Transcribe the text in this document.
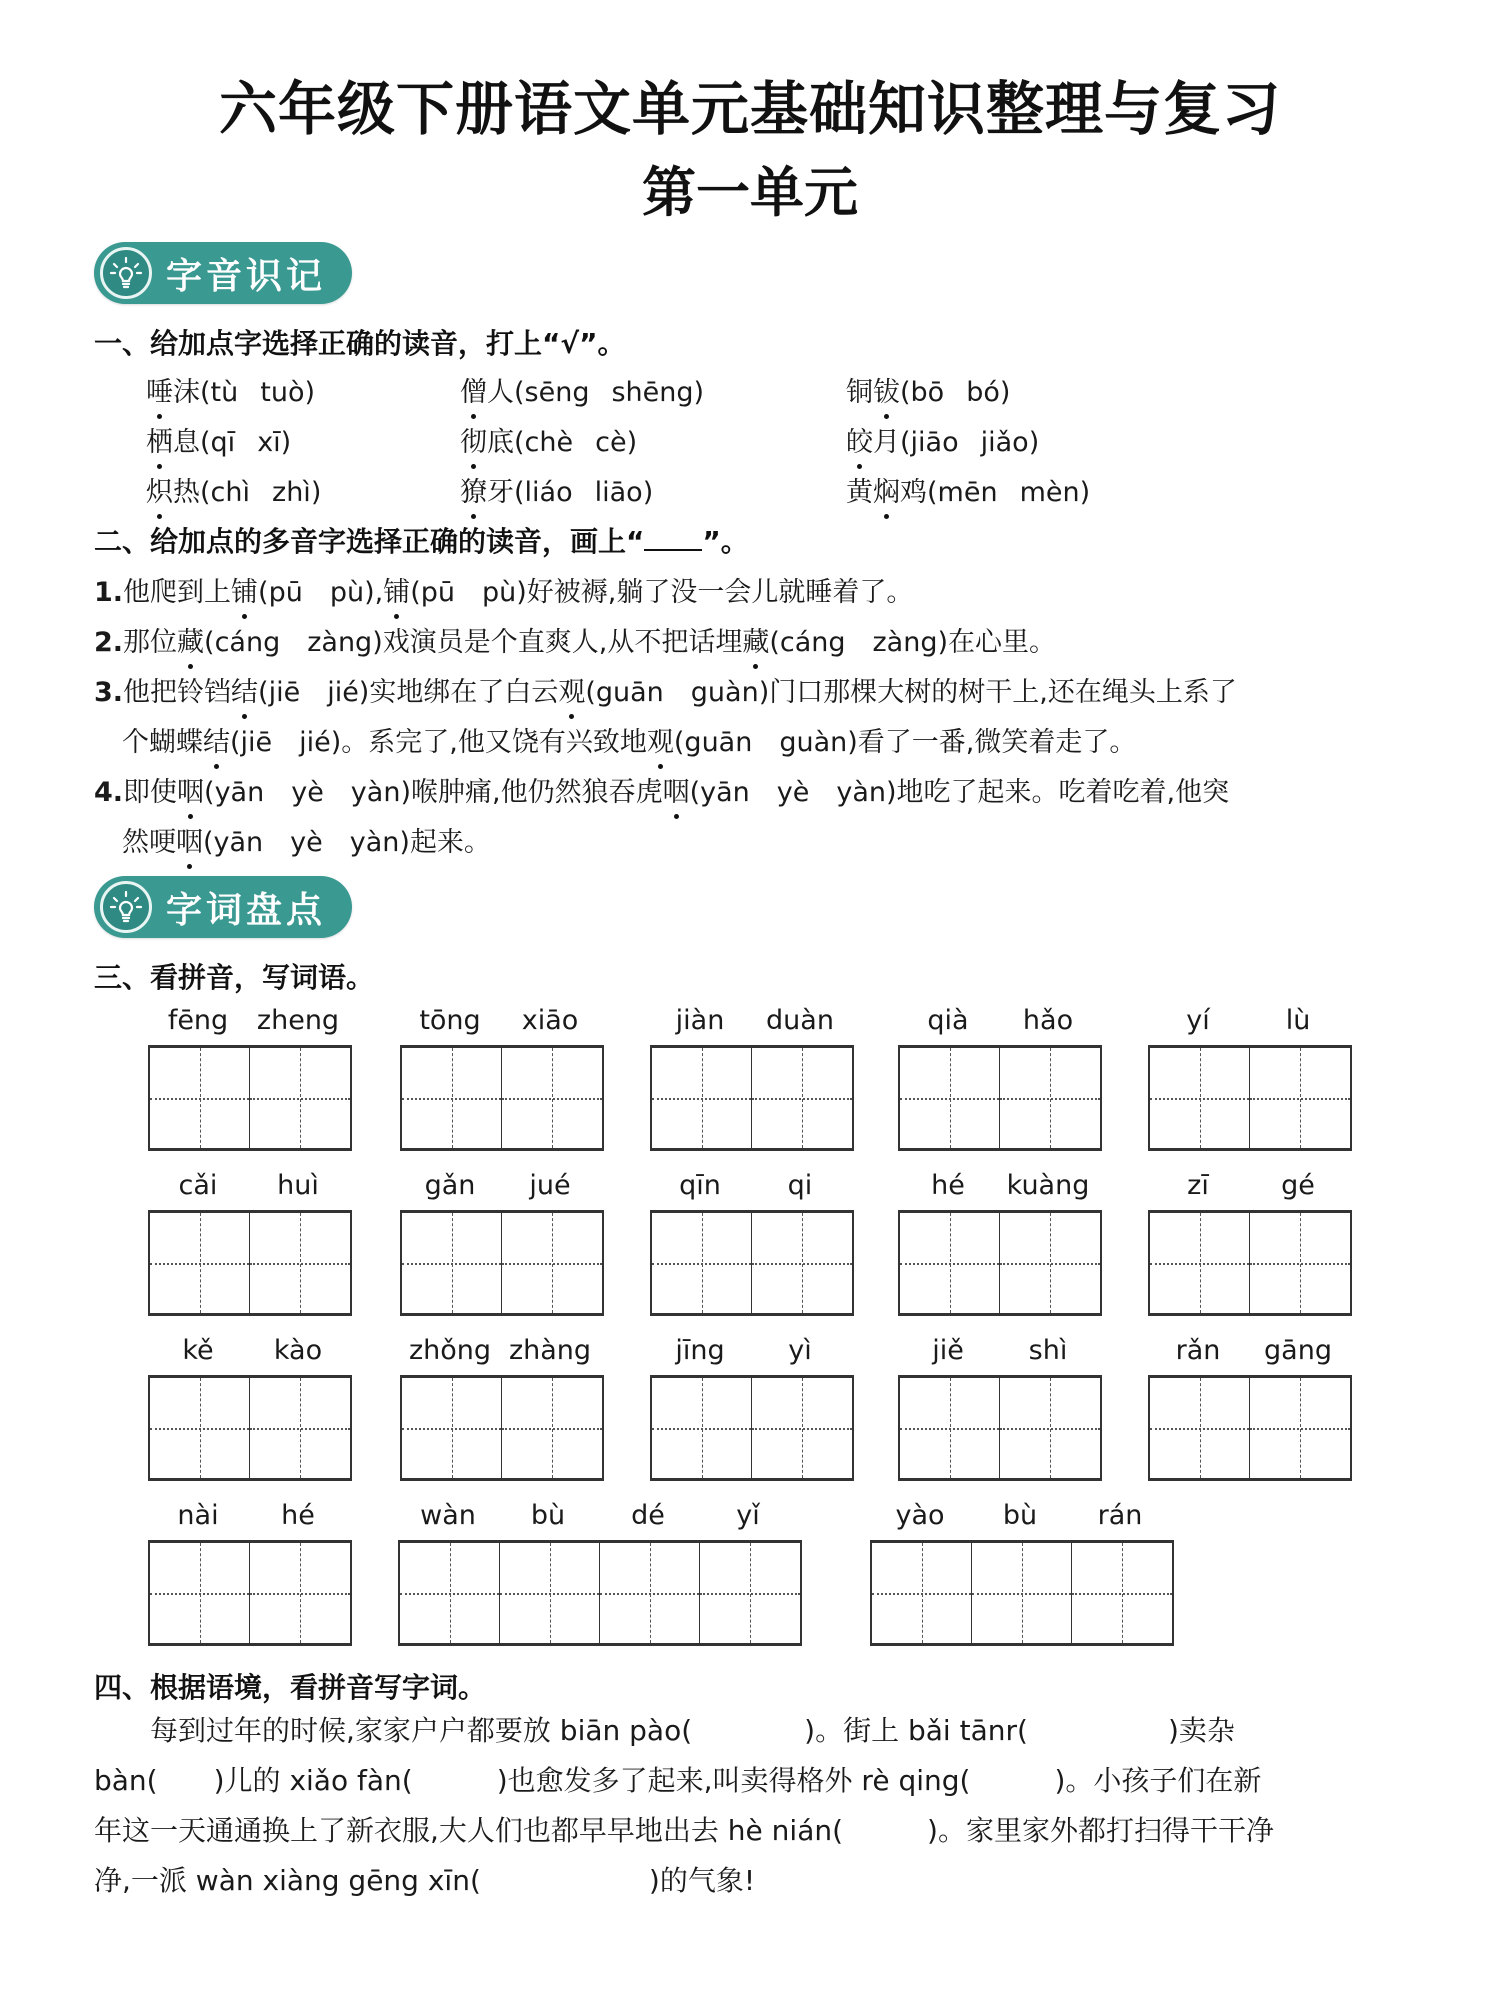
六年级下册语文单元基础知识整理与复习
第一单元
字音识记
一、给加点字选择正确的读音，打上“√”。
唾沫(tù tuò)	僧人(sēng shēng)	铜钹(bō bó)
栖息(qī xī)	彻底(chè cè)	皎月(jiāo jiǎo)
炽热(chì zhì)	獠牙(liáo liāo)	黄焖鸡(mēn mèn)
二、给加点的多音字选择正确的读音，画上“ ”。
1.他爬到上铺(pū　pù),铺(pū　pù)好被褥,躺了没一会儿就睡着了。
2.那位藏(cáng　zàng)戏演员是个直爽人,从不把话埋藏(cáng　zàng)在心里。
3.他把铃铛结(jiē　jié)实地绑在了白云观(guān　guàn)门口那棵大树的树干上,还在绳头上系了
个蝴蝶结(jiē　jié)。系完了,他又饶有兴致地观(guān　guàn)看了一番,微笑着走了。
4.即使咽(yān　yè　yàn)喉肿痛,他仍然狼吞虎咽(yān　yè　yàn)地吃了起来。吃着吃着,他突
然哽咽(yān　yè　yàn)起来。
字词盘点
三、看拼音，写词语。
fēng	zheng	tōng	xiāo	jiàn	duàn	qià	hǎo	yí	lù
cǎi	huì	gǎn	jué	qīn	qi	hé	kuàng	zī	gé
kě	kào	zhǒng zhàng	jīng	yì	jiě	shì	rǎn	gāng
nài	hé	wàn	bù	dé	yǐ	yào	bù	rán
四、根据语境，看拼音写字词。
　　每到过年的时候,家家户户都要放 biān pào(　　　　	)。街上 bǎi tānr(　　　　　	)卖杂
bàn(　　 )儿的 xiǎo fàn(　　　	)也愈发多了起来,叫卖得格外 rè qing(　　　	)。小孩子们在新
年这一天通通换上了新衣服,大人们也都早早地出去 hè nián(　　　	)。家里家外都打扫得干干净
净,一派 wàn xiàng gēng xīn(　　　　　　	)的气象!
